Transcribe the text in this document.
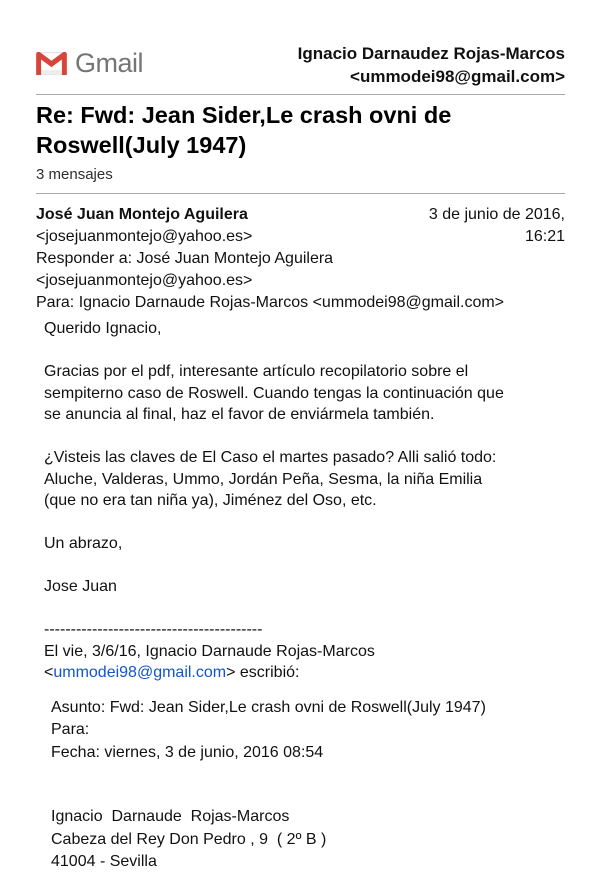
Gmail	Ignacio Darnaudez Rojas-Marcos
<ummodei98@gmail.com>
Re: Fwd: Jean Sider,Le crash ovni de
Roswell(July 1947)
3 mensajes
José Juan Montejo Aguilera
<josejuanmontejo@yahoo.es>
Responder a: José Juan Montejo Aguilera
<josejuanmontejo@yahoo.es>
Para: Ignacio Darnaude Rojas-Marcos <ummodei98@gmail.com>
3 de junio de 2016,
16:21
Querido Ignacio,
Gracias por el pdf, interesante artículo recopilatorio sobre el
sempiterno caso de Roswell. Cuando tengas la continuación que
se anuncia al final, haz el favor de enviármela también.
¿Visteis las claves de El Caso el martes pasado? Alli salió todo:
Aluche, Valderas, Ummo, Jordán Peña, Sesma, la niña Emilia
(que no era tan niña ya), Jiménez del Oso, etc.
Un abrazo,
Jose Juan
-----------------------------------------
El vie, 3/6/16, Ignacio Darnaude Rojas-Marcos
<ummodei98@gmail.com> escribió:
Asunto: Fwd: Jean Sider,Le crash ovni de Roswell(July 1947)
Para:
Fecha: viernes, 3 de junio, 2016 08:54
Ignacio  Darnaude  Rojas-Marcos
Cabeza del Rey Don Pedro , 9  ( 2º B )
41004 - Sevilla
